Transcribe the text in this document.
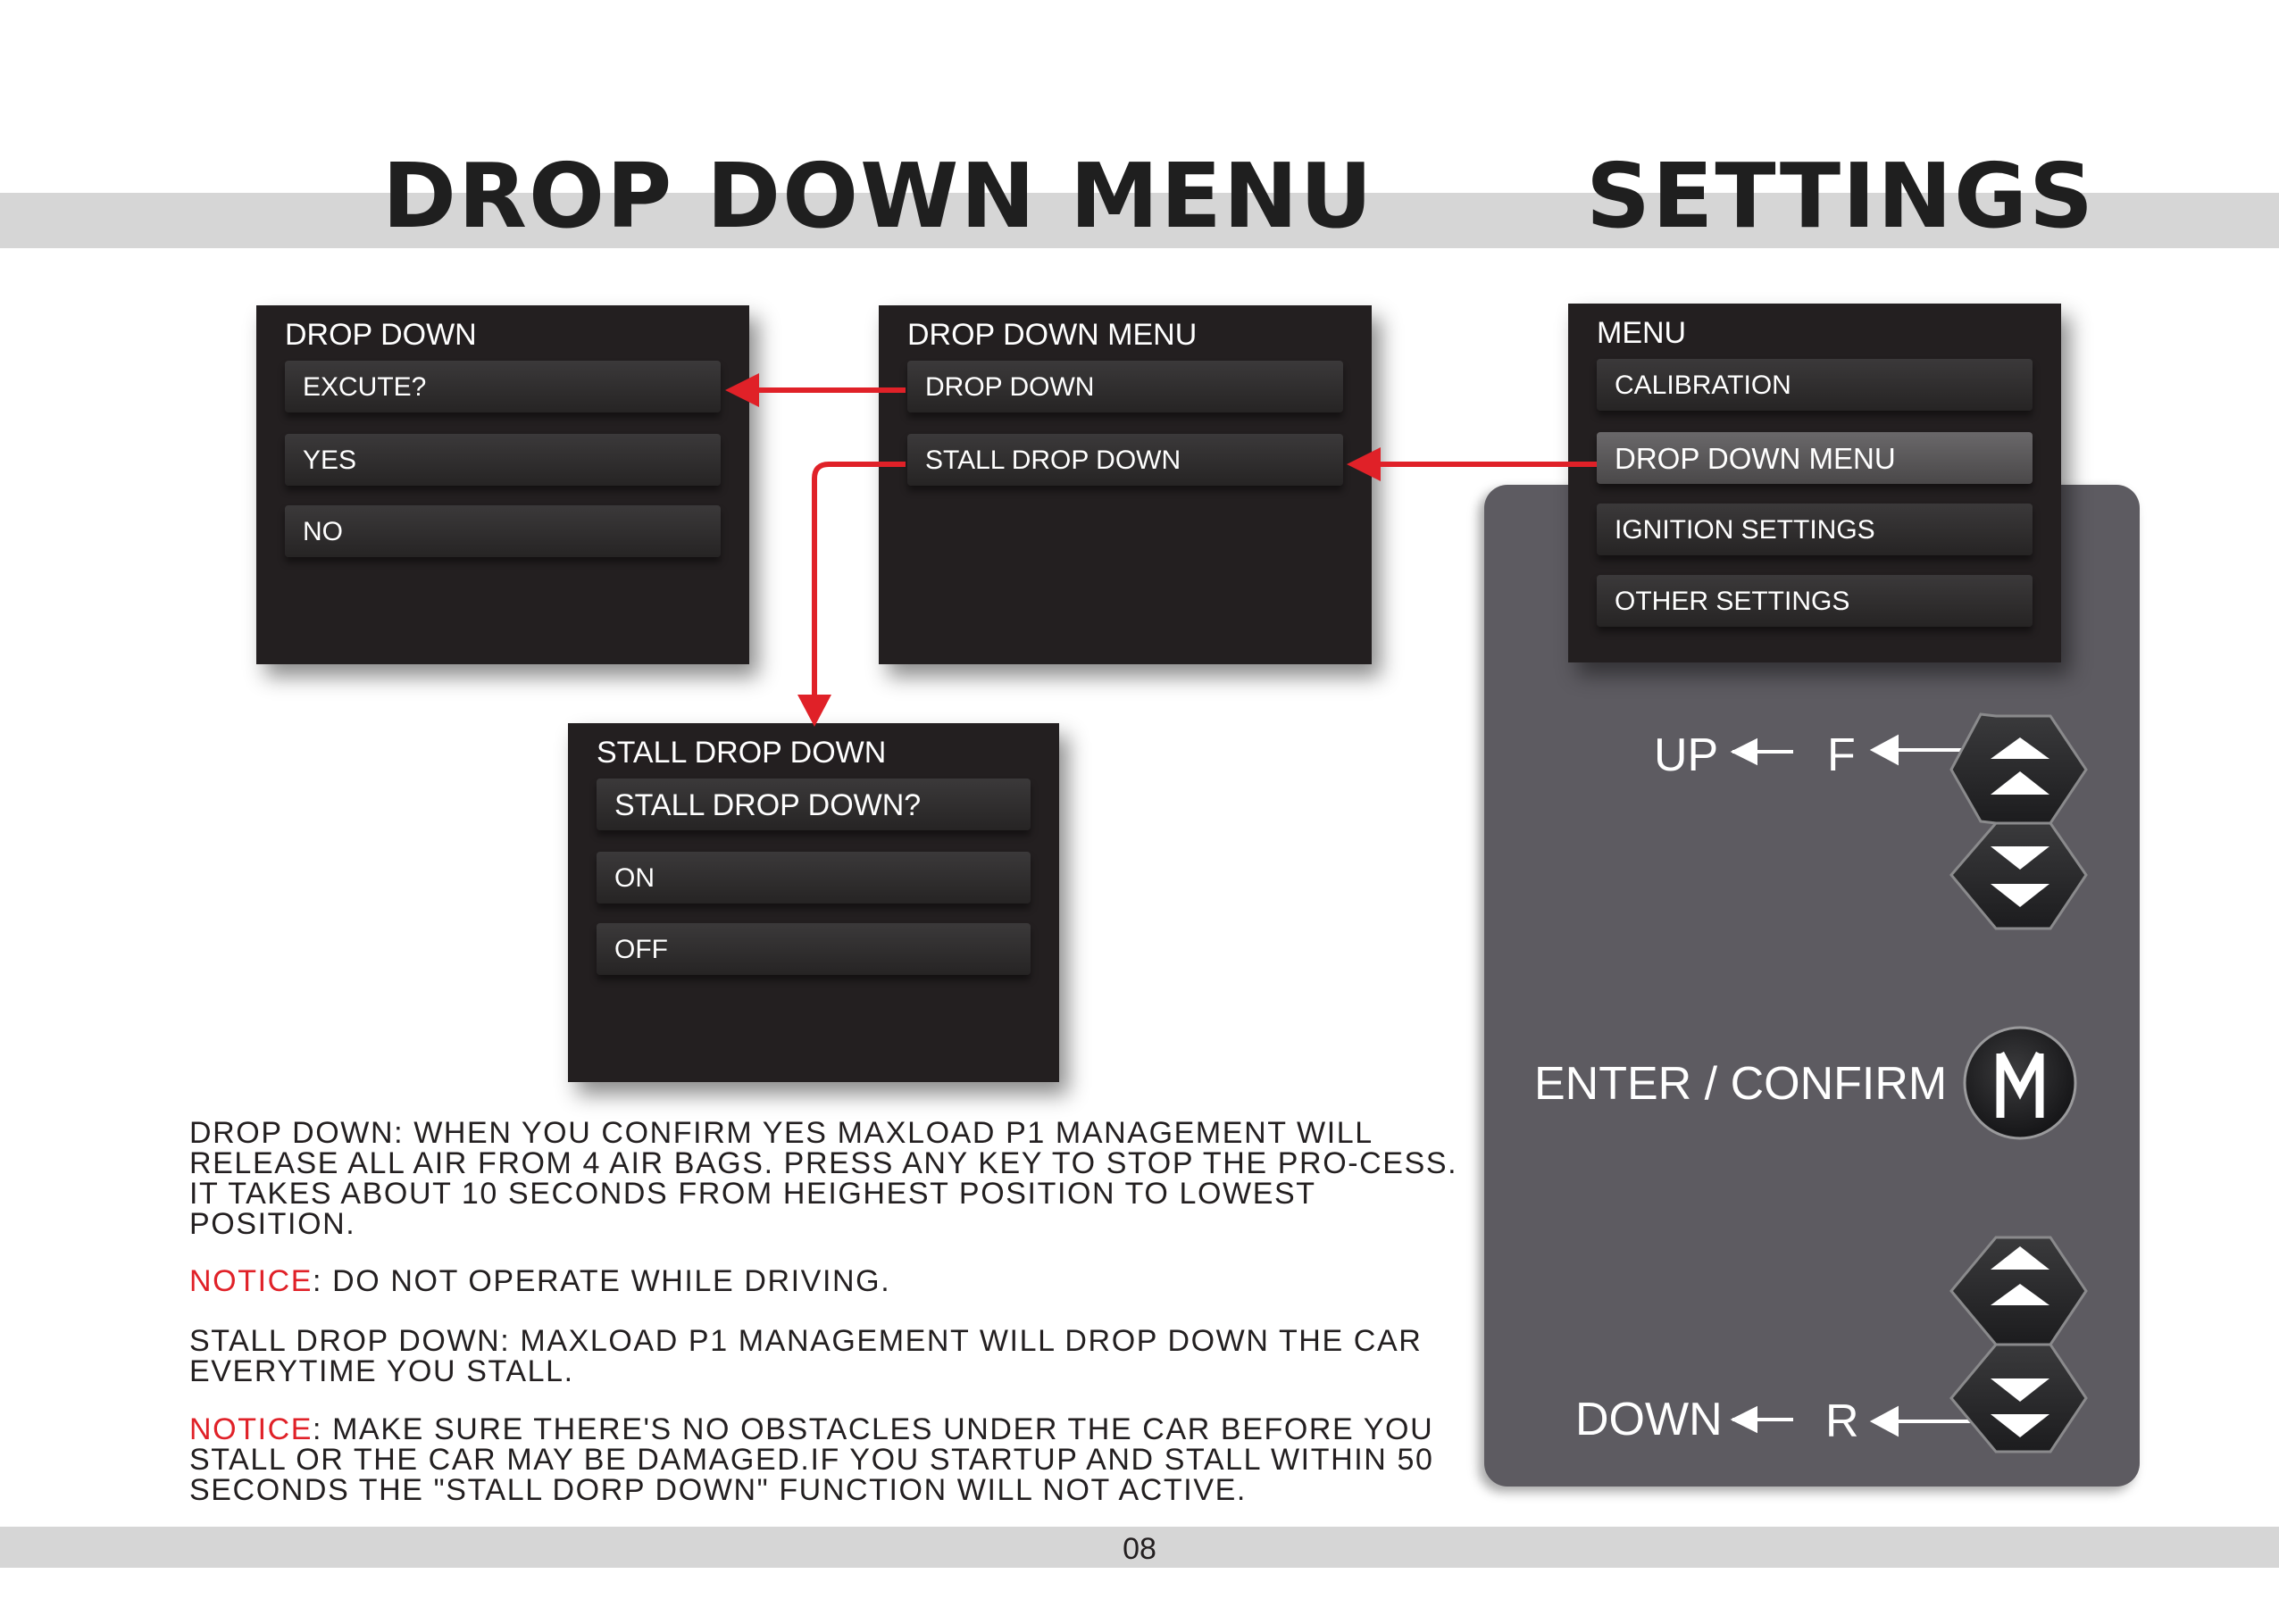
DROP DOWN MENU SETTINGS
DROP DOWN
EXCUTE?
YES
NO
DROP DOWN MENU
DROP DOWN
STALL DROP DOWN
MENU
CALIBRATION
DROP DOWN MENU
IGNITION SETTINGS
OTHER SETTINGS
STALL DROP DOWN
STALL DROP DOWN?
ON
OFF
UP F
ENTER / CONFIRM
DOWN R

DROP DOWN: WHEN YOU CONFIRM YES MAXLOAD P1 MANAGEMENT WILL RELEASE ALL AIR FROM 4 AIR BAGS. PRESS ANY KEY TO STOP THE PRO-CESS. IT TAKES ABOUT 10 SECONDS FROM HEIGHEST POSITION TO LOWEST POSITION.

NOTICE: DO NOT OPERATE WHILE DRIVING.

STALL DROP DOWN: MAXLOAD P1 MANAGEMENT WILL DROP DOWN THE CAR EVERYTIME YOU STALL.

NOTICE: MAKE SURE THERE'S NO OBSTACLES UNDER THE CAR BEFORE YOU STALL OR THE CAR MAY BE DAMAGED.IF YOU STARTUP AND STALL WITHIN 50 SECONDS THE "STALL DORP DOWN" FUNCTION WILL NOT ACTIVE.

08
